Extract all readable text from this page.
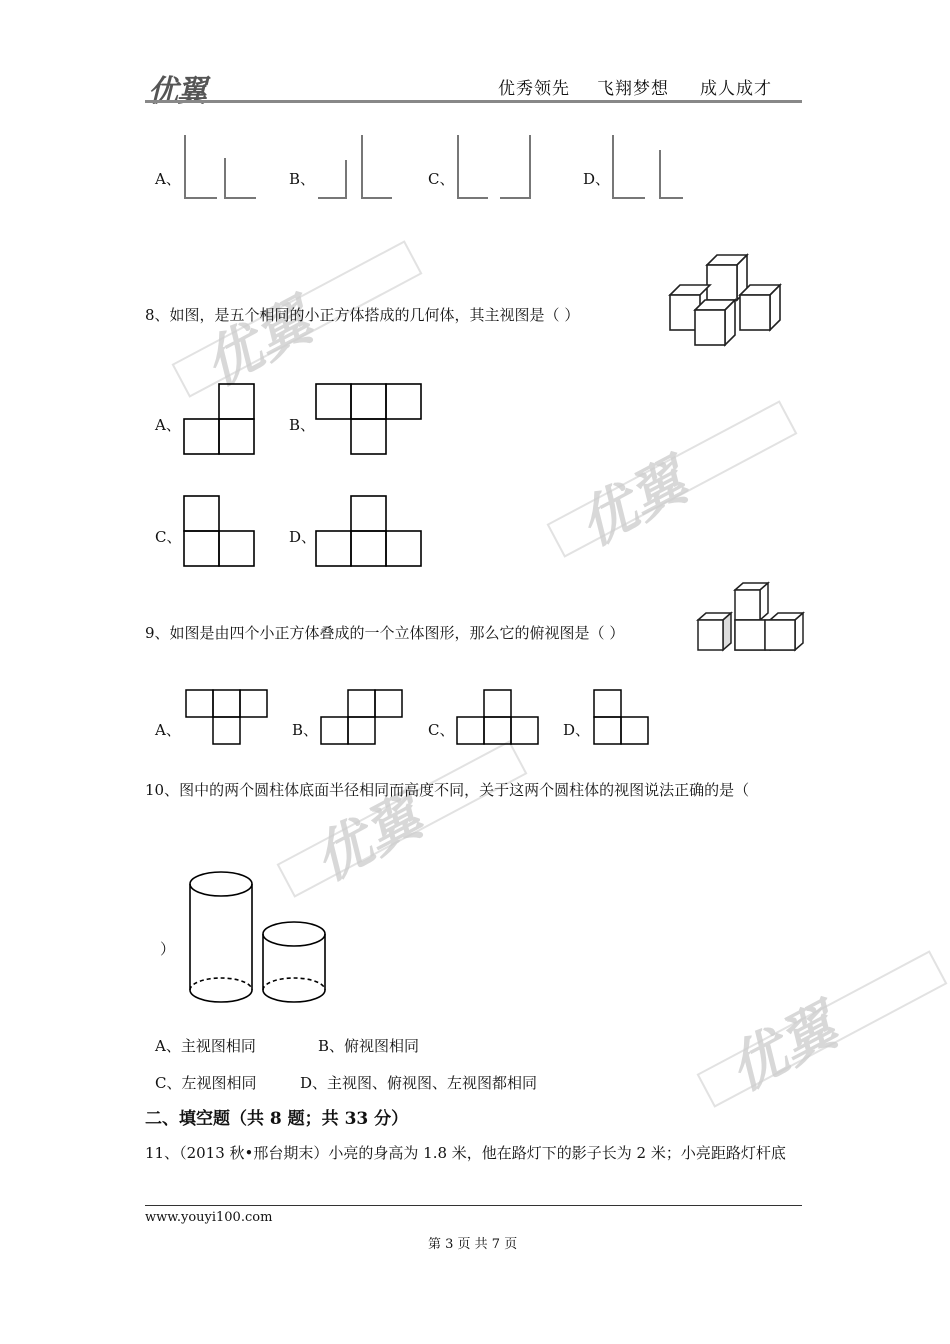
优翼	优秀领先 飞翔梦想 成人成才
优翼
优翼
优翼
优翼
A、	B、	C、	D、
8、如图，是五个相同的小正方体搭成的几何体，其主视图是（ ）
A、	B、
C、	D、
9、如图是由四个小正方体叠成的一个立体图形，那么它的俯视图是（ ）
A、	B、	C、	D、
10、图中的两个圆柱体底面半径相同而高度不同，关于这两个圆柱体的视图说法正确的是（
）
A、主视图相同	B、俯视图相同
C、左视图相同	D、主视图、俯视图、左视图都相同
二、填空题（共 8 题；共 33 分）
11、（2013 秋•邢台期末）小亮的身高为 1.8 米，他在路灯下的影子长为 2 米；小亮距路灯杆底
www.youyi100.com
第 3 页 共 7 页
